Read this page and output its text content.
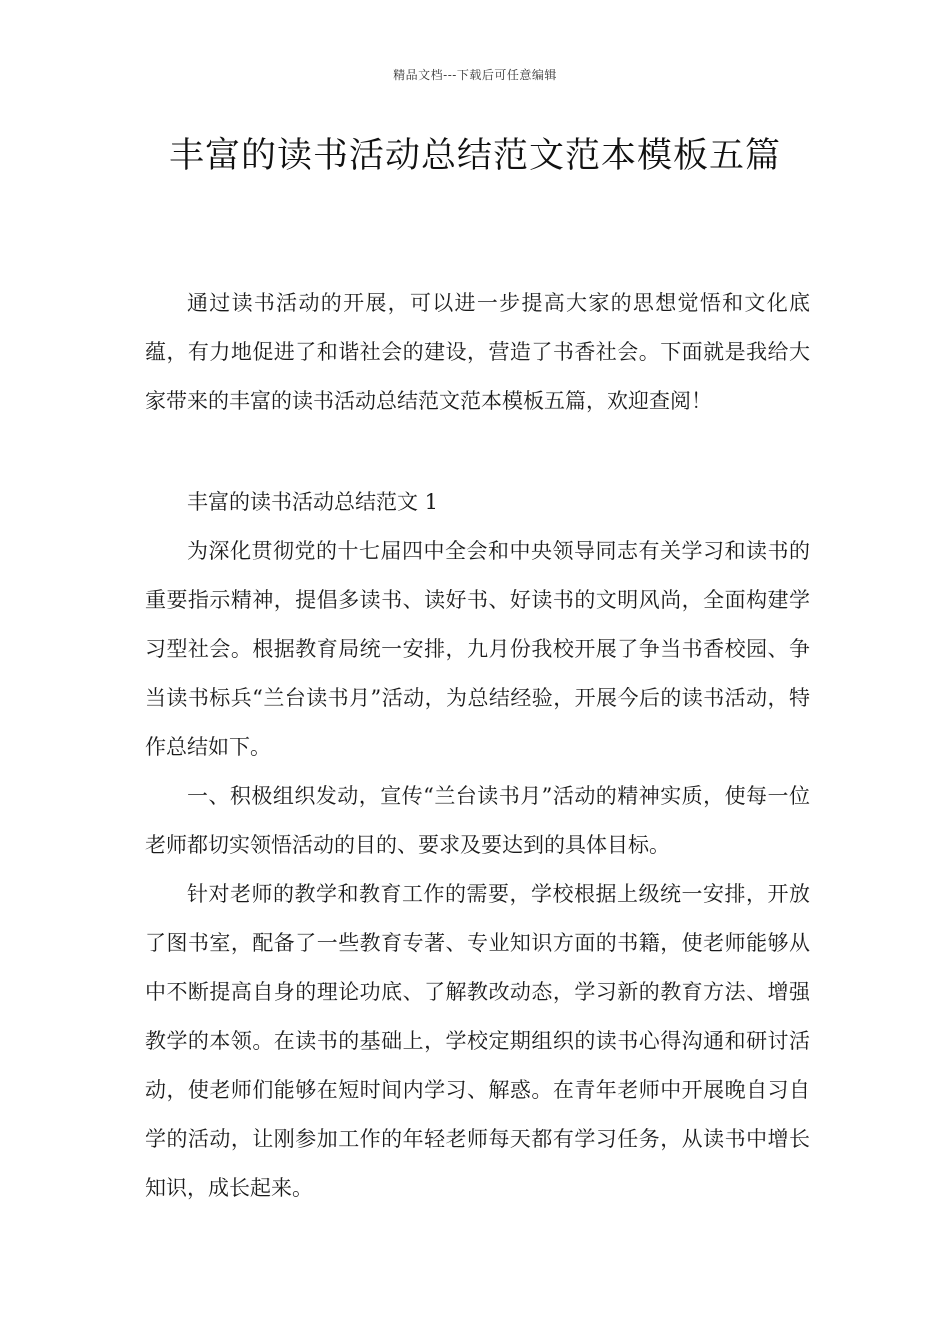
精品文档---下载后可任意编辑
丰富的读书活动总结范文范本模板五篇

通过读书活动的开展，可以进一步提高大家的思想觉悟和文化底蕴，有力地促进了和谐社会的建设，营造了书香社会。下面就是我给大家带来的丰富的读书活动总结范文范本模板五篇，欢迎查阅！

丰富的读书活动总结范文 1

为深化贯彻党的十七届四中全会和中央领导同志有关学习和读书的重要指示精神，提倡多读书、读好书、好读书的文明风尚，全面构建学习型社会。根据教育局统一安排，九月份我校开展了争当书香校园、争当读书标兵“兰台读书月”活动，为总结经验，开展今后的读书活动，特作总结如下。

一、积极组织发动，宣传“兰台读书月”活动的精神实质，使每一位老师都切实领悟活动的目的、要求及要达到的具体目标。

针对老师的教学和教育工作的需要，学校根据上级统一安排，开放了图书室，配备了一些教育专著、专业知识方面的书籍，使老师能够从中不断提高自身的理论功底、了解教改动态，学习新的教育方法、增强教学的本领。在读书的基础上，学校定期组织的读书心得沟通和研讨活动，使老师们能够在短时间内学习、解惑。在青年老师中开展晚自习自学的活动，让刚参加工作的年轻老师每天都有学习任务，从读书中增长知识，成长起来。
